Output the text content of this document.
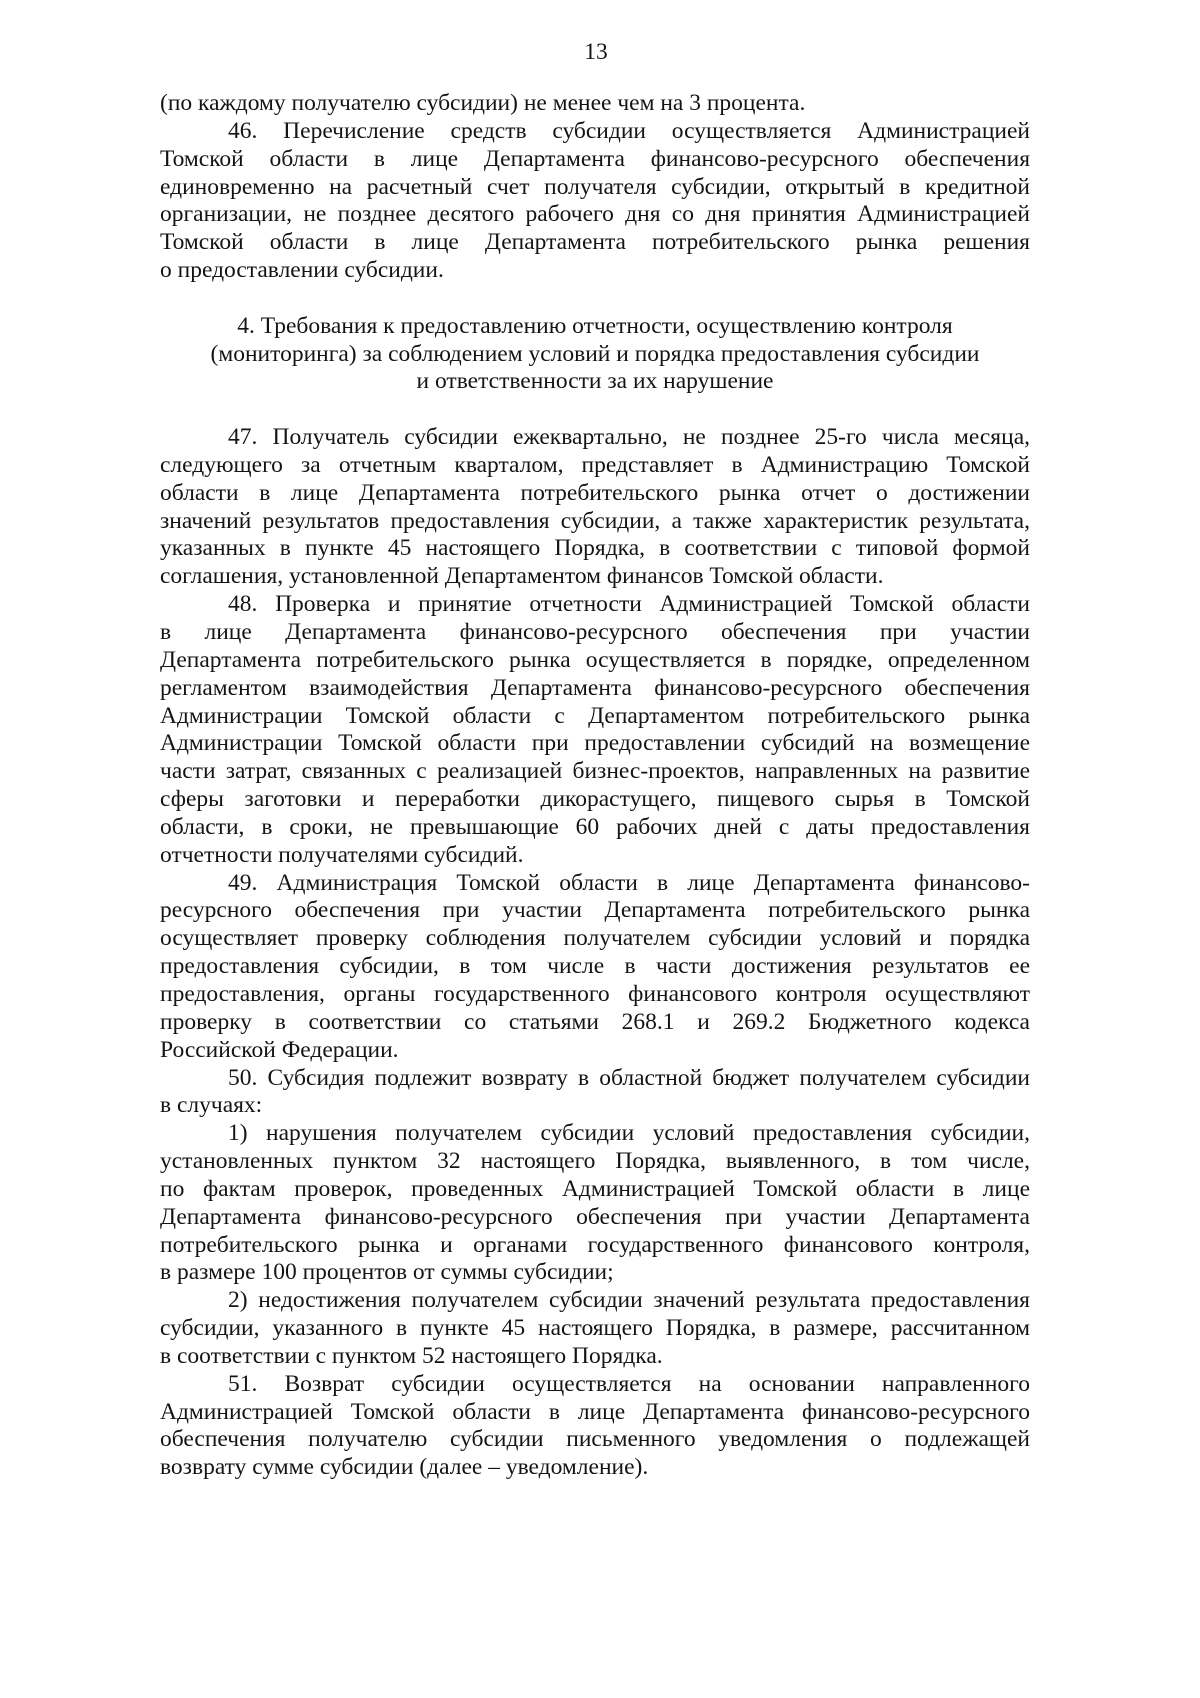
13
(по каждому получателю субсидии) не менее чем на 3 процента.
46. Перечисление средств субсидии осуществляется Администрацией
Томской области в лице Департамента финансово-ресурсного обеспечения
единовременно на расчетный счет получателя субсидии, открытый в кредитной
организации, не позднее десятого рабочего дня со дня принятия Администрацией
Томской области в лице Департамента потребительского рынка решения
о предоставлении субсидии.
4. Требования к предоставлению отчетности, осуществлению контроля
(мониторинга) за соблюдением условий и порядка предоставления субсидии
и ответственности за их нарушение
47. Получатель субсидии ежеквартально, не позднее 25-го числа месяца,
следующего за отчетным кварталом, представляет в Администрацию Томской
области в лице Департамента потребительского рынка отчет о достижении
значений результатов предоставления субсидии, а также характеристик результата,
указанных в пункте 45 настоящего Порядка, в соответствии с типовой формой
соглашения, установленной Департаментом финансов Томской области.
48. Проверка и принятие отчетности Администрацией Томской области
в лице Департамента финансово-ресурсного обеспечения при участии
Департамента потребительского рынка осуществляется в порядке, определенном
регламентом взаимодействия Департамента финансово-ресурсного обеспечения
Администрации Томской области с Департаментом потребительского рынка
Администрации Томской области при предоставлении субсидий на возмещение
части затрат, связанных с реализацией бизнес-проектов, направленных на развитие
сферы заготовки и переработки дикорастущего, пищевого сырья в Томской
области, в сроки, не превышающие 60 рабочих дней с даты предоставления
отчетности получателями субсидий.
49. Администрация Томской области в лице Департамента финансово-
ресурсного обеспечения при участии Департамента потребительского рынка
осуществляет проверку соблюдения получателем субсидии условий и порядка
предоставления субсидии, в том числе в части достижения результатов ее
предоставления, органы государственного финансового контроля осуществляют
проверку в соответствии со статьями 268.1 и 269.2 Бюджетного кодекса
Российской Федерации.
50. Субсидия подлежит возврату в областной бюджет получателем субсидии
в случаях:
1) нарушения получателем субсидии условий предоставления субсидии,
установленных пунктом 32 настоящего Порядка, выявленного, в том числе,
по фактам проверок, проведенных Администрацией Томской области в лице
Департамента финансово-ресурсного обеспечения при участии Департамента
потребительского рынка и органами государственного финансового контроля,
в размере 100 процентов от суммы субсидии;
2) недостижения получателем субсидии значений результата предоставления
субсидии, указанного в пункте 45 настоящего Порядка, в размере, рассчитанном
в соответствии с пунктом 52 настоящего Порядка.
51. Возврат субсидии осуществляется на основании направленного
Администрацией Томской области в лице Департамента финансово-ресурсного
обеспечения получателю субсидии письменного уведомления о подлежащей
возврату сумме субсидии (далее – уведомление).
